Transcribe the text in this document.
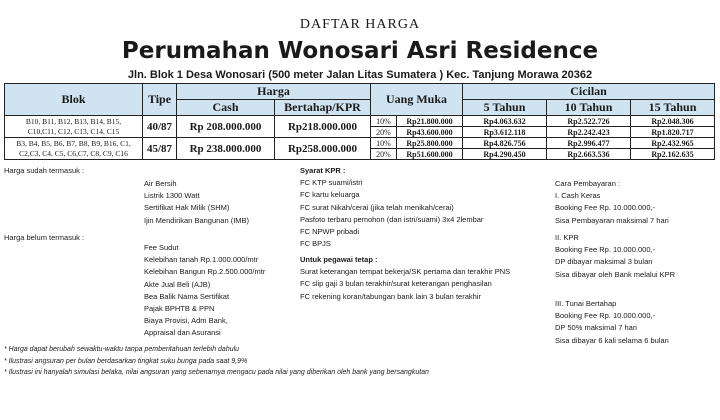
DAFTAR HARGA
Perumahan Wonosari Asri Residence
Jln. Blok 1 Desa Wonosari (500 meter Jalan Litas Sumatera ) Kec. Tanjung Morawa 20362
Blok	Tipe	Harga		Uang Muka		Cicilan		
		Cash	Bertahap/KPR			5 Tahun	10 Tahun	15 Tahun

B10, B11, B12, B13, B14, B15,
C10,C11, C12, C13, C14, C15	40/87	Rp 208.000.000	Rp218.000.000	10%	Rp21.800.000	Rp4.063.632	Rp2.522.726	Rp2.048.306
				20%	Rp43.600.000	Rp3.612.118	Rp2.242.423	Rp1.820.717

B3, B4, B5, B6, B7, B8, B9, B16, C1,
C2,C3, C4, C5, C6,C7, C8, C9, C16	45/87	Rp 238.000.000	Rp258.000.000	10%	Rp25.800.000	Rp4.826.756	Rp2.996.477	Rp2.432.965
				20%	Rp51.600.000	Rp4.290.450	Rp2.663.536	Rp2.162.635
Harga sudah termasuk :
Harga belum termasuk :
Air Bersih
Listrik 1300 Watt
Sertifikat Hak Milik (SHM)
Ijin Mendirikan Bangunan (IMB)
Fee Sudut
Kelebihan tanah Rp.1.000.000/mtr
Kelebihan Bangun Rp.2.500.000/mtr
Akte Jual Beli (AJB)
Bea Balik Nama Sertifikat
Pajak BPHTB & PPN
Biaya Provisi, Adm Bank,
Appraisal dan Asuransi
Syarat KPR :
FC KTP suami/istri
FC kartu keluarga
FC surat Nikah/cerai (jika telah menikah/cerai)
Pasfoto terbaru pemohon (dan istri/suami) 3x4 2lembar
FC NPWP pribadi
FC BPJS
Untuk pegawai tetap :
Surat keterangan tempat bekerja/SK pertama dan terakhir PNS
FC slip gaji 3 bulan terakhir/surat keterangan penghasilan
FC rekening koran/tabungan bank lain 3 bulan terakhir
Cara Pembayaran :
I. Cash Keras
Booking Fee Rp. 10.000.000,-
Sisa Pembayaran maksimal 7 hari
II. KPR
Booking Fee Rp. 10.000.000,-
DP dibayar maksimal 3 bulan
Sisa dibayar oleh Bank melalui KPR
III. Tunai Bertahap
Booking Fee Rp. 10.000.000,-
DP 50% maksimal 7 hari
Sisa dibayar 6 kali selama 6 bulan
* Harga dapat berubah sewaktu-waktu tanpa pemberitahuan terlebih dahulu
* Ilustrasi angsuran per bulan berdasarkan tingkat suku bunga pada saat 9,9%
* Ilustrasi ini hanyalah simulasi belaka, nilai angsuran yang sebenarnya mengacu pada nilai yang diberikan oleh bank yang bersangkutan
